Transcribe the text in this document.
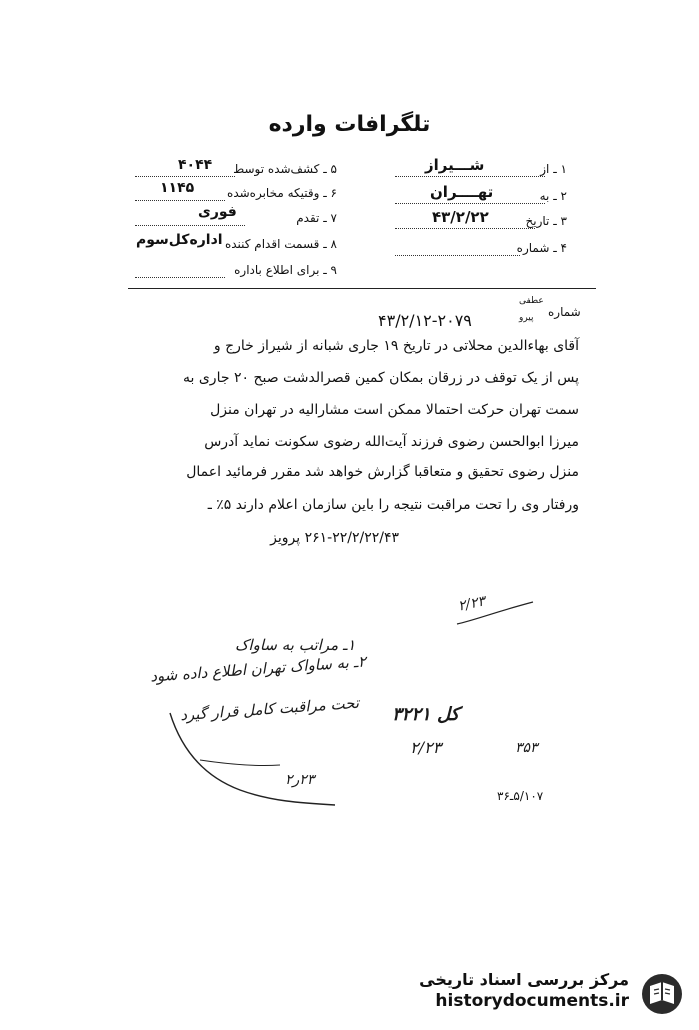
تلگرافات وارده
۱ ـ از
شـــیراز
۲ ـ به
تهــــران
۳ ـ تاریخ
۴۳/۲/۲۲
۴ ـ شماره
۵ ـ کشف‌شده توسط
۴۰۴۴
۶ ـ وقتیکه مخابره‌شده
۱۱۴۵
۷ ـ تقدم
فوری
۸ ـ قسمت اقدام کننده
اداره‌کل‌سوم
۹ ـ برای اطلاع باداره
شماره
عطفی
پیرو
۴۳/۲/۱۲-۲۰۷۹
آقای بهاءالدین محلاتی در تاریخ ۱۹ جاری شبانه از شیراز خارج و
پس از یک توقف در زرقان بمکان کمین قصرالدشت صبح ۲۰ جاری به
سمت تهران حرکت احتمالا ممکن است مشارالیه در تهران منزل
میرزا ابوالحسن رضوی فرزند آیت‌الله رضوی سکونت نماید آدرس
منزل رضوی تحقیق و متعاقبا گزارش خواهد شد مقرر فرمائید اعمال
ورفتار وی را تحت مراقبت نتیجه را باین سازمان اعلام دارند ۵٪ ـ
۲۶۱-۲۲/۲/۲۲/۴۳ پرویز
۲/۲۳
۱ـ مراتب به ساواک
۲ـ به ساواک تهران اطلاع داده شود
تحت مراقبت کامل قرار گیرد
۲۳ر۲
کل ۳۲۲۱
۲/۲۳	۳۵۳
۵/۱۰۷ـ۳۶
مرکز بررسی اسناد تاریخی
historydocuments.ir
